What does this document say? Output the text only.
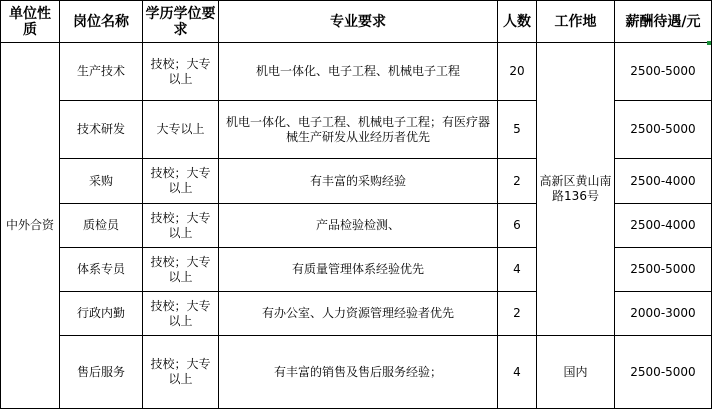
单位性质	岗位名称	学历学位要求	专业要求	人数	工作地	薪酬待遇/元
中外合资	生产技术	技校；大专以上	机电一体化、电子工程、机械电子工程	20	高新区黄山南路136号	2500-5000
	技术研发	大专以上	机电一体化、电子工程、机械电子工程；有医疗器械生产研发从业经历者优先	5		2500-5000
	采购	技校；大专以上	有丰富的采购经验	2		2500-4000
	质检员	技校；大专以上	产品检验检测、	6		2500-4000
	体系专员	技校；大专以上	有质量管理体系经验优先	4		2500-5000
	行政内勤	技校；大专以上	有办公室、人力资源管理经验者优先	2		2000-3000
	售后服务	技校；大专以上	有丰富的销售及售后服务经验；	4	国内	2500-5000
